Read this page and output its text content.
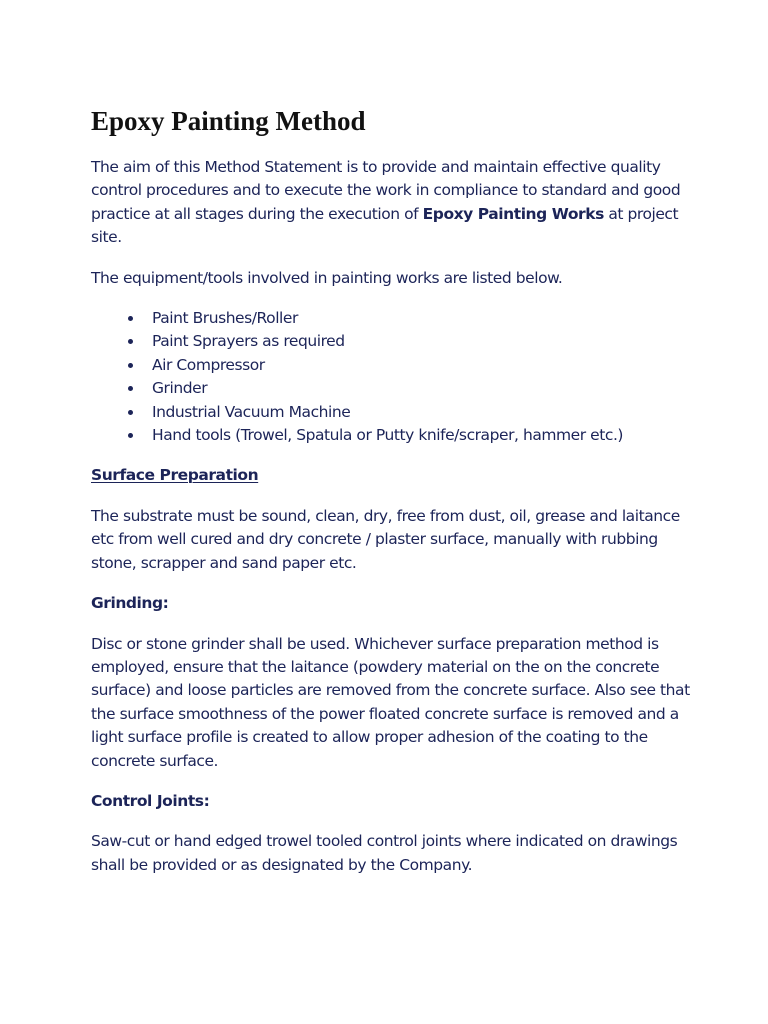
Epoxy Painting Method

The aim of this Method Statement is to provide and maintain effective quality control procedures and to execute the work in compliance to standard and good practice at all stages during the execution of Epoxy Painting Works at project site.

The equipment/tools involved in painting works are listed below.

Paint Brushes/Roller
Paint Sprayers as required
Air Compressor
Grinder
Industrial Vacuum Machine
Hand tools (Trowel, Spatula or Putty knife/scraper, hammer etc.)
Surface Preparation

The substrate must be sound, clean, dry, free from dust, oil, grease and laitance etc from well cured and dry concrete / plaster surface, manually with rubbing stone, scrapper and sand paper etc.

Grinding:

Disc or stone grinder shall be used. Whichever surface preparation method is employed, ensure that the laitance (powdery material on the on the concrete surface) and loose particles are removed from the concrete surface. Also see that the surface smoothness of the power floated concrete surface is removed and a light surface profile is created to allow proper adhesion of the coating to the concrete surface.

Control Joints:

Saw-cut or hand edged trowel tooled control joints where indicated on drawings shall be provided or as designated by the Company.
